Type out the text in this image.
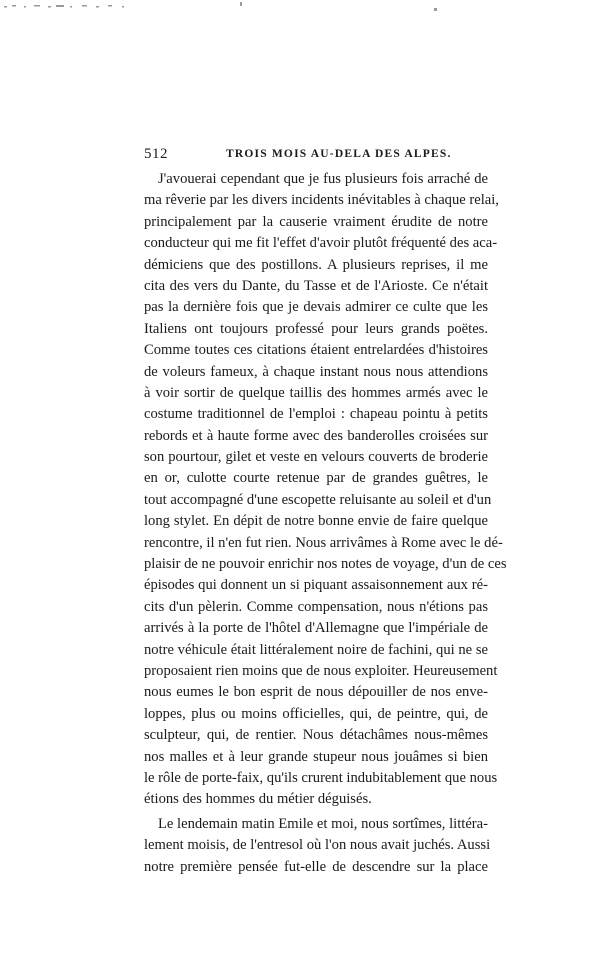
512	TROIS MOIS AU-DELA DES ALPES.
J'avouerai cependant que je fus plusieurs fois arraché de
ma rêverie par les divers incidents inévitables à chaque relai,
principalement par la causerie vraiment érudite de notre
conducteur qui me fit l'effet d'avoir plutôt fréquenté des aca-
démiciens que des postillons. A plusieurs reprises, il me
cita des vers du Dante, du Tasse et de l'Arioste. Ce n'était
pas la dernière fois que je devais admirer ce culte que les
Italiens ont toujours professé pour leurs grands poëtes.
Comme toutes ces citations étaient entrelardées d'histoires
de voleurs fameux, à chaque instant nous nous attendions
à voir sortir de quelque taillis des hommes armés avec le
costume traditionnel de l'emploi : chapeau pointu à petits
rebords et à haute forme avec des banderolles croisées sur
son pourtour, gilet et veste en velours couverts de broderie
en or, culotte courte retenue par de grandes guêtres, le
tout accompagné d'une escopette reluisante au soleil et d'un
long stylet. En dépit de notre bonne envie de faire quelque
rencontre, il n'en fut rien. Nous arrivâmes à Rome avec le dé-
plaisir de ne pouvoir enrichir nos notes de voyage, d'un de ces
épisodes qui donnent un si piquant assaisonnement aux ré-
cits d'un pèlerin. Comme compensation, nous n'étions pas
arrivés à la porte de l'hôtel d'Allemagne que l'impériale de
notre véhicule était littéralement noire de fachini, qui ne se
proposaient rien moins que de nous exploiter. Heureusement
nous eumes le bon esprit de nous dépouiller de nos enve-
loppes, plus ou moins officielles, qui, de peintre, qui, de
sculpteur, qui, de rentier. Nous détachâmes nous-mêmes
nos malles et à leur grande stupeur nous jouâmes si bien
le rôle de porte-faix, qu'ils crurent indubitablement que nous
étions des hommes du métier déguisés.
Le lendemain matin Emile et moi, nous sortîmes, littéra-
lement moisis, de l'entresol où l'on nous avait juchés. Aussi
notre première pensée fut-elle de descendre sur la place
